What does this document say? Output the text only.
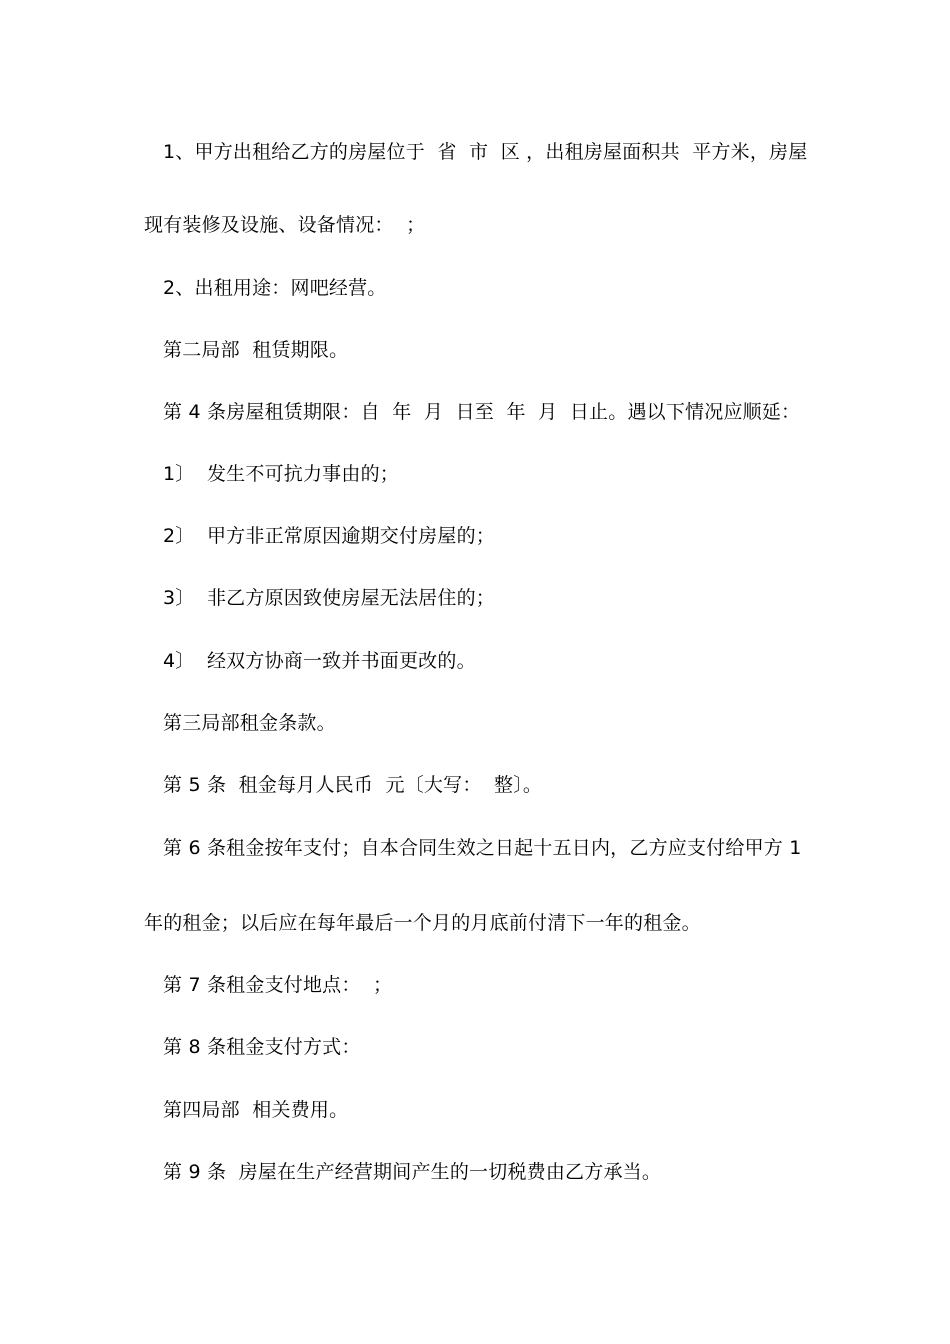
1、甲方出租给乙方的房屋位于  省  市  区 ，出租房屋面积共  平方米，房屋
现有装修及设施、设备情况：  ；
2、出租用途：网吧经营。
第二局部  租赁期限。
第 4 条房屋租赁期限：自  年  月  日至  年  月  日止。遇以下情况应顺延：
1〕  发生不可抗力事由的；
2〕  甲方非正常原因逾期交付房屋的；
3〕  非乙方原因致使房屋无法居住的；
4〕  经双方协商一致并书面更改的。
第三局部租金条款。
第 5 条  租金每月人民币  元〔大写：  整〕。
第 6 条租金按年支付；自本合同生效之日起十五日内，乙方应支付给甲方 1
年的租金；以后应在每年最后一个月的月底前付清下一年的租金。
第 7 条租金支付地点：  ；
第 8 条租金支付方式：
第四局部  相关费用。
第 9 条  房屋在生产经营期间产生的一切税费由乙方承当。
